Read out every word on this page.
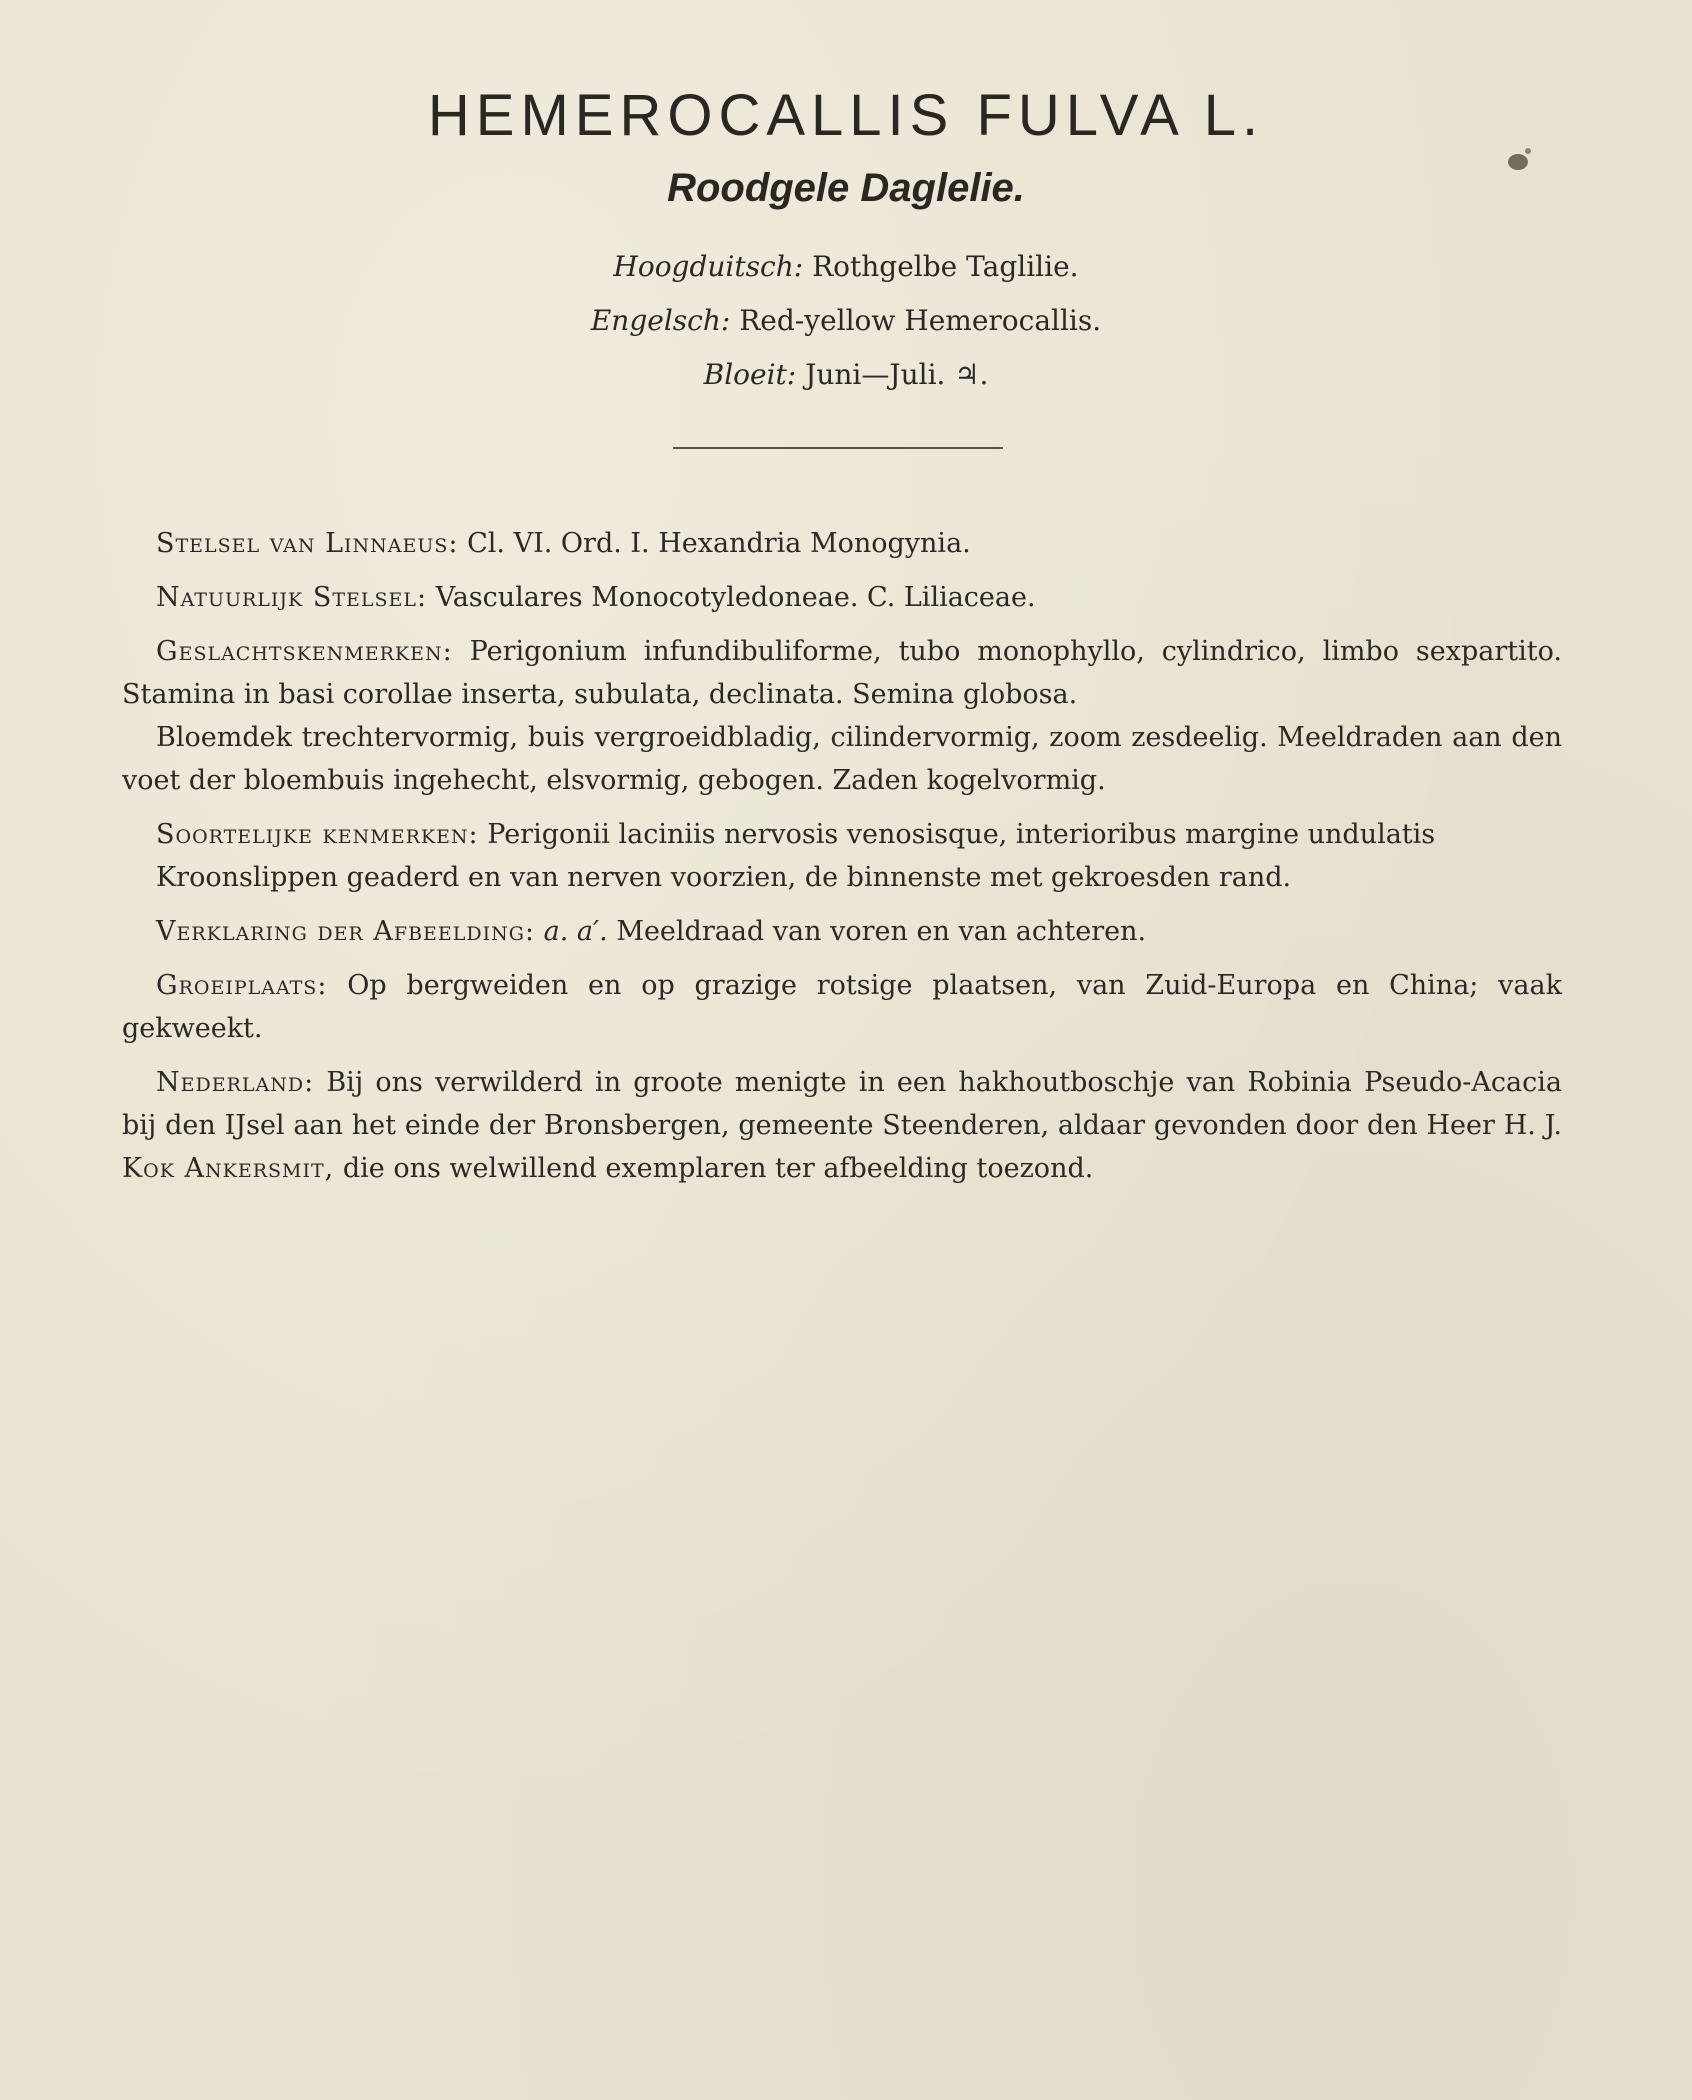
HEMEROCALLIS FULVA L.
Roodgele Daglelie.
Hoogduitsch: Rothgelbe Taglilie.
Engelsch: Red-yellow Hemerocallis.
Bloeit: Juni—Juli. ♃.

Stelsel van Linnaeus: Cl. VI. Ord. I. Hexandria Monogynia.

Natuurlijk Stelsel: Vasculares Monocotyledoneae. C. Liliaceae.

Geslachtskenmerken: Perigonium infundibuliforme, tubo monophyllo, cylindrico, limbo sexpartito. Stamina in basi corollae inserta, subulata, declinata. Semina globosa.

Bloemdek trechtervormig, buis vergroeidbladig, cilindervormig, zoom zesdeelig. Meeldraden aan den voet der bloembuis ingehecht, elsvormig, gebogen. Zaden kogelvormig.

Soortelijke kenmerken: Perigonii laciniis nervosis venosisque, interioribus margine undulatis

Kroonslippen geaderd en van nerven voorzien, de binnenste met gekroesden rand.

Verklaring der Afbeelding: a. a′. Meeldraad van voren en van achteren.

Groeiplaats: Op bergweiden en op grazige rotsige plaatsen, van Zuid-Europa en China; vaak gekweekt.

Nederland: Bij ons verwilderd in groote menigte in een hakhoutboschje van Robinia Pseudo-Acacia bij den IJsel aan het einde der Bronsbergen, gemeente Steenderen, aldaar gevonden door den Heer H. J. Kok Ankersmit, die ons welwillend exemplaren ter afbeelding toezond.
